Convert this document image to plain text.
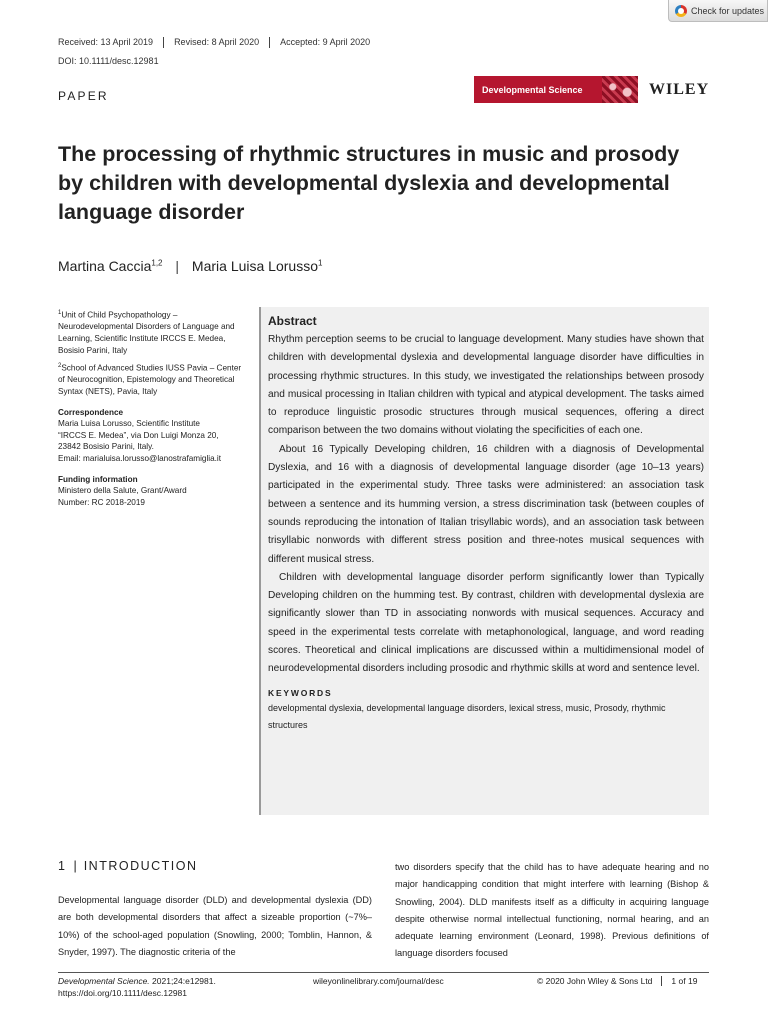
Check for updates
Received: 13 April 2019	Revised: 8 April 2020	Accepted: 9 April 2020
DOI: 10.1111/desc.12981
PAPER	Developmental Science	WILEY
The processing of rhythmic structures in music and prosody by children with developmental dyslexia and developmental language disorder
Martina Caccia$^{1,2}$ | Maria Luisa Lorusso$^1$

$^1$Unit of Child Psychopathology – Neurodevelopmental Disorders of Language and Learning, Scientific Institute IRCCS E. Medea, Bosisio Parini, Italy

$^2$School of Advanced Studies IUSS Pavia – Center of Neurocognition, Epistemology and Theoretical Syntax (NETS), Pavia, Italy

Correspondence

Maria Luisa Lorusso, Scientific Institute
“IRCCS E. Medea”, via Don Luigi Monza 20,
23842 Bosisio Parini, Italy.
Email: marialuisa.lorusso@lanostrafamiglia.it

Funding information

Ministero della Salute, Grant/Award
Number: RC 2018-2019

Abstract

Rhythm perception seems to be crucial to language development. Many studies have shown that children with developmental dyslexia and developmental language disorder have difficulties in processing rhythmic structures. In this study, we investigated the relationships between prosody and musical processing in Italian children with typical and atypical development. The tasks aimed to reproduce linguistic prosodic structures through musical sequences, offering a direct comparison between the two domains without violating the specificities of each one.

About 16 Typically Developing children, 16 children with a diagnosis of Developmental Dyslexia, and 16 with a diagnosis of developmental language disorder (age 10–13 years) participated in the experimental study. Three tasks were administered: an association task between a sentence and its humming version, a stress discrimination task (between couples of sounds reproducing the intonation of Italian trisyllabic words), and an association task between trisyllabic nonwords with different stress position and three-notes musical sequences with different musical stress.

Children with developmental language disorder perform significantly lower than Typically Developing children on the humming test. By contrast, children with developmental dyslexia are significantly slower than TD in associating nonwords with musical sequences. Accuracy and speed in the experimental tests correlate with metaphonological, language, and word reading scores. Theoretical and clinical implications are discussed within a multidimensional model of neurodevelopmental disorders including prosodic and rhythmic skills at word and sentence level.

KEYWORDS
developmental dyslexia, developmental language disorders, lexical stress, music, Prosody, rhythmic structures
1 | INTRODUCTION
Developmental language disorder (DLD) and developmental dyslexia (DD) are both developmental disorders that affect a sizeable proportion (~7%–10%) of the school-aged population (Snowling, 2000; Tomblin, Hannon, & Snyder, 1997). The diagnostic criteria of the
two disorders specify that the child has to have adequate hearing and no major handicapping condition that might interfere with learning (Bishop & Snowling, 2004). DLD manifests itself as a difficulty in acquiring language despite otherwise normal intellectual functioning, normal hearing, and an adequate learning environment (Leonard, 1998). Previous definitions of language disorders focused
Developmental Science. 2021;24:e12981.
https://doi.org/10.1111/desc.12981
wileyonlinelibrary.com/journal/desc	© 2020 John Wiley & Sons Ltd	1 of 19
